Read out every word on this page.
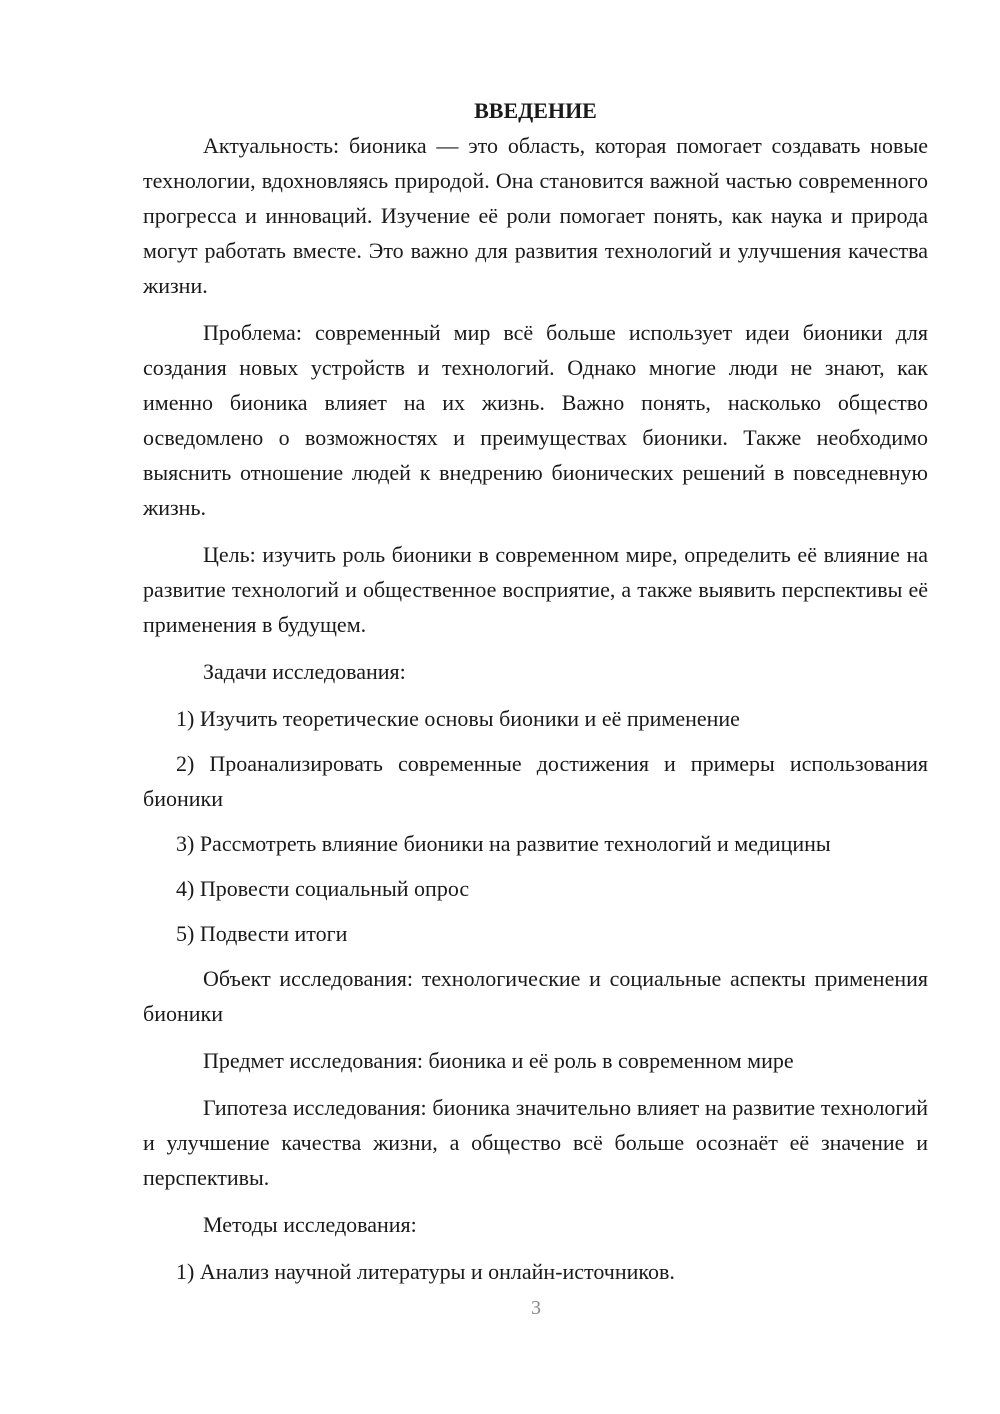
ВВЕДЕНИЕ

Актуальность: бионика — это область, которая помогает создавать новые технологии, вдохновляясь природой. Она становится важной частью современного прогресса и инноваций. Изучение её роли помогает понять, как наука и природа могут работать вместе. Это важно для развития технологий и улучшения качества жизни.

Проблема: современный мир всё больше использует идеи бионики для создания новых устройств и технологий. Однако многие люди не знают, как именно бионика влияет на их жизнь. Важно понять, насколько общество осведомлено о возможностях и преимуществах бионики. Также необходимо выяснить отношение людей к внедрению бионических решений в повседневную жизнь.

Цель: изучить роль бионики в современном мире, определить её влияние на развитие технологий и общественное восприятие, а также выявить перспективы её применения в будущем.

Задачи исследования:

1) Изучить теоретические основы бионики и её применение

2) Проанализировать современные достижения и примеры использования бионики

3) Рассмотреть влияние бионики на развитие технологий и медицины

4) Провести социальный опрос

5) Подвести итоги

Объект исследования: технологические и социальные аспекты применения бионики

Предмет исследования: бионика и её роль в современном мире

Гипотеза исследования: бионика значительно влияет на развитие технологий и улучшение качества жизни, а общество всё больше осознаёт её значение и перспективы.

Методы исследования:

1) Анализ научной литературы и онлайн-источников.

3
